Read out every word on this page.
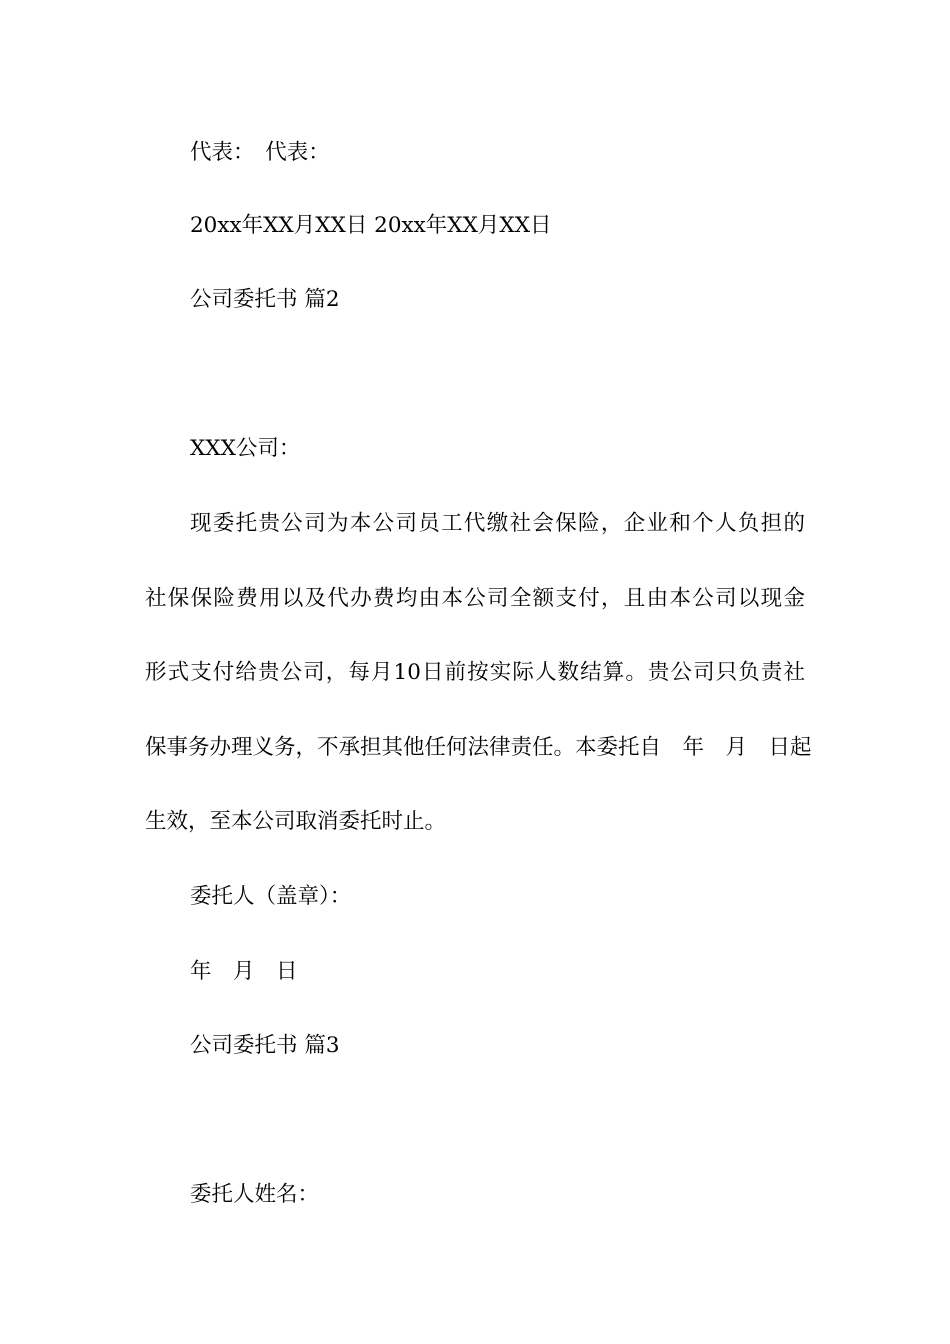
代表：　代表：

20xx年XX月XX日 20xx年XX月XX日

公司委托书 篇2

XXX公司：

现委托贵公司为本公司员工代缴社会保险，企业和个人负担的

社保保险费用以及代办费均由本公司全额支付，且由本公司以现金

形式支付给贵公司，每月10日前按实际人数结算。贵公司只负责社

保事务办理义务，不承担其他任何法律责任。本委托自　年　月　日起

生效，至本公司取消委托时止。

委托人（盖章）：

年　月　日

公司委托书 篇3

委托人姓名：
